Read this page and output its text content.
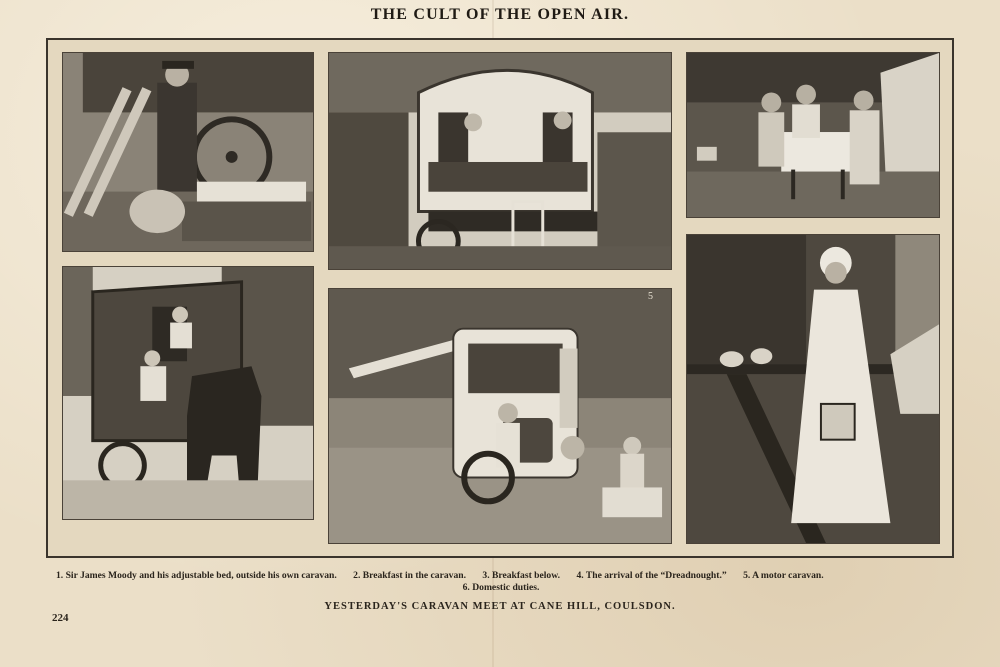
THE CULT OF THE OPEN AIR.
5
1. Sir James Moody and his adjustable bed, outside his own caravan. 2. Breakfast in the caravan. 3. Breakfast below. 4. The arrival of the “Dreadnought.” 5. A motor caravan.
6. Domestic duties.
YESTERDAY'S CARAVAN MEET AT CANE HILL, COULSDON.
224
